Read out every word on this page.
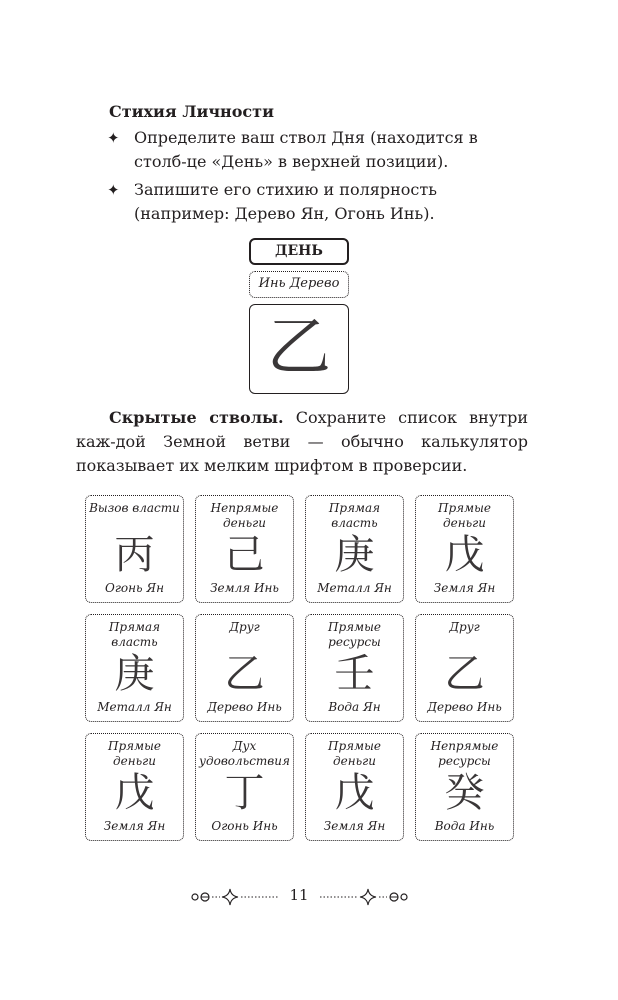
Стихия Личности
✦ Определите ваш ствол Дня (находится в столб-це «День» в верхней позиции).
✦ Запишите его стихию и полярность (например: Дерево Ян, Огонь Инь).
ДЕНЬ
Инь Дерево
乙

Скрытые стволы. Сохраните список внутри каж-дой Земной ветви — обычно калькулятор показывает их мелким шрифтом в проверсии.

Вызов власти
丙
Огонь Ян
Непрямые деньги
己
Земля Инь
Прямая власть
庚
Металл Ян
Прямые деньги
戊
Земля Ян
Прямая власть
庚
Металл Ян
Друг
乙
Дерево Инь
Прямые ресурсы
壬
Вода Ян
Друг
乙
Дерево Инь
Прямые деньги
戊
Земля Ян
Дух удовольствия
丁
Огонь Инь
Прямые деньги
戊
Земля Ян
Непрямые ресурсы
癸
Вода Инь
11
